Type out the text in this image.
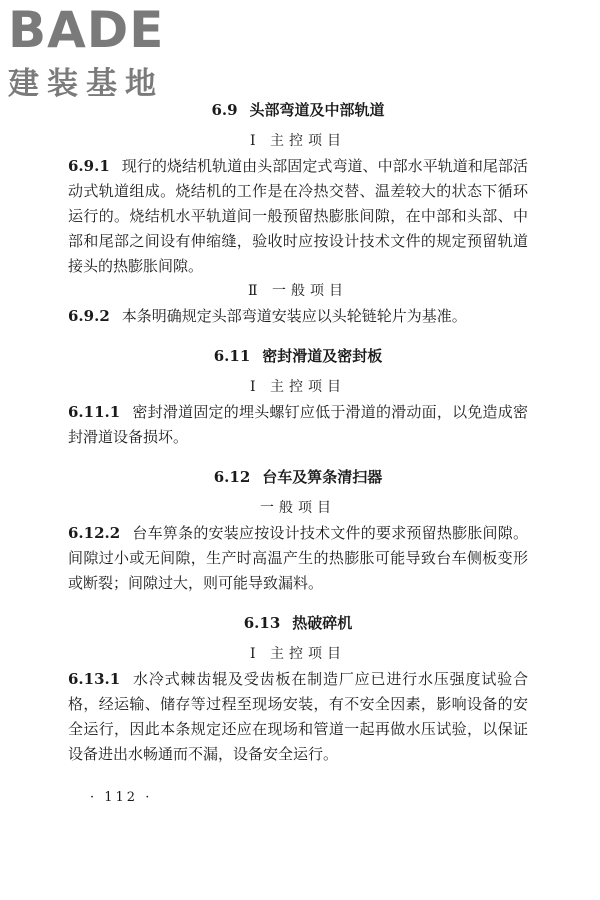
BADE
建装基地
6.9 头部弯道及中部轨道

Ⅰ 主控项目

6.9.1 现行的烧结机轨道由头部固定式弯道、中部水平轨道和尾部活动式轨道组成。烧结机的工作是在冷热交替、温差较大的状态下循环运行的。烧结机水平轨道间一般预留热膨胀间隙，在中部和头部、中部和尾部之间设有伸缩缝，验收时应按设计技术文件的规定预留轨道接头的热膨胀间隙。

Ⅱ 一般项目

6.9.2 本条明确规定头部弯道安装应以头轮链轮片为基准。

6.11 密封滑道及密封板

Ⅰ 主控项目

6.11.1 密封滑道固定的埋头螺钉应低于滑道的滑动面，以免造成密封滑道设备损坏。

6.12 台车及箅条清扫器

一般项目

6.12.2 台车箅条的安装应按设计技术文件的要求预留热膨胀间隙。间隙过小或无间隙，生产时高温产生的热膨胀可能导致台车侧板变形或断裂；间隙过大，则可能导致漏料。

6.13 热破碎机

Ⅰ 主控项目

6.13.1 水冷式棘齿辊及受齿板在制造厂应已进行水压强度试验合格，经运输、储存等过程至现场安装，有不安全因素，影响设备的安全运行，因此本条规定还应在现场和管道一起再做水压试验，以保证设备进出水畅通而不漏，设备安全运行。

· 112 ·
